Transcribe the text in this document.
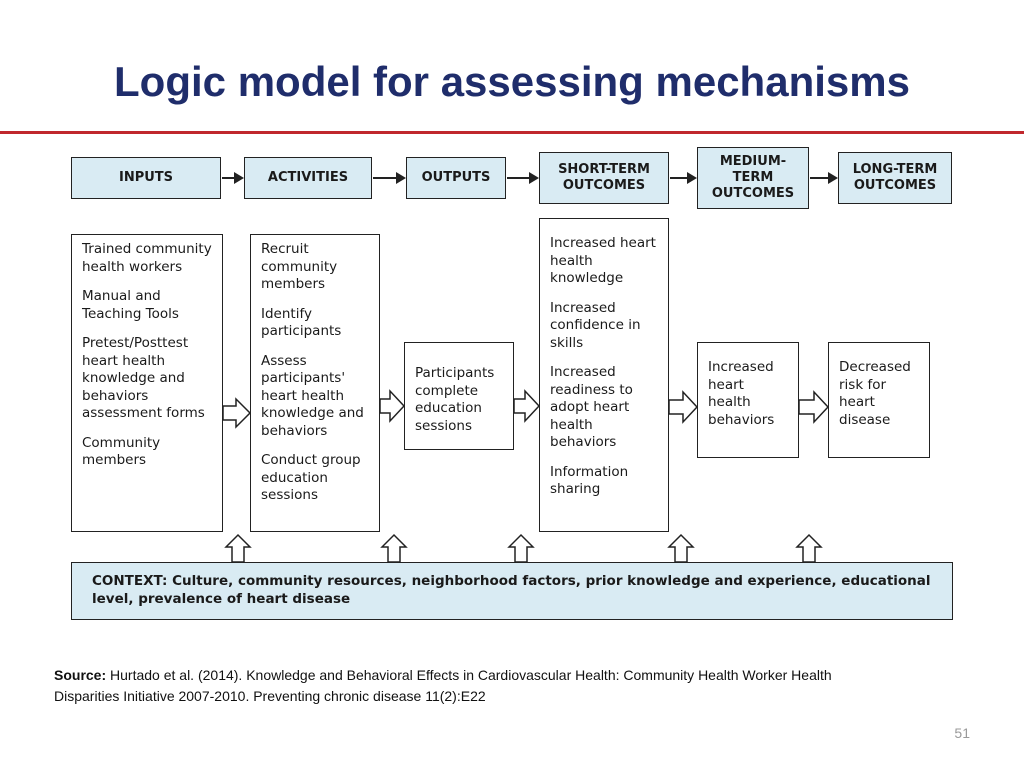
Logic model for assessing mechanisms
INPUTS	ACTIVITIES	OUTPUTS
SHORT-TERM
OUTCOMES
MEDIUM-
TERM
OUTCOMES
LONG-TERM
OUTCOMES
Trained community health workers
Manual and Teaching Tools
Pretest/Posttest heart health knowledge and behaviors assessment forms
Community members
Recruit community members
Identify participants
Assess participants' heart health knowledge and behaviors
Conduct group education sessions
Participants complete education sessions
Increased heart health knowledge
Increased confidence in skills
Increased readiness to adopt heart health behaviors
Information sharing
Increased heart health behaviors
Decreased risk for heart disease
CONTEXT: Culture, community resources, neighborhood factors, prior knowledge and experience, educational level, prevalence of heart disease
Source: Hurtado et al. (2014). Knowledge and Behavioral Effects in Cardiovascular Health: Community Health Worker Health Disparities Initiative 2007-2010. Preventing chronic disease 11(2):E22
51
